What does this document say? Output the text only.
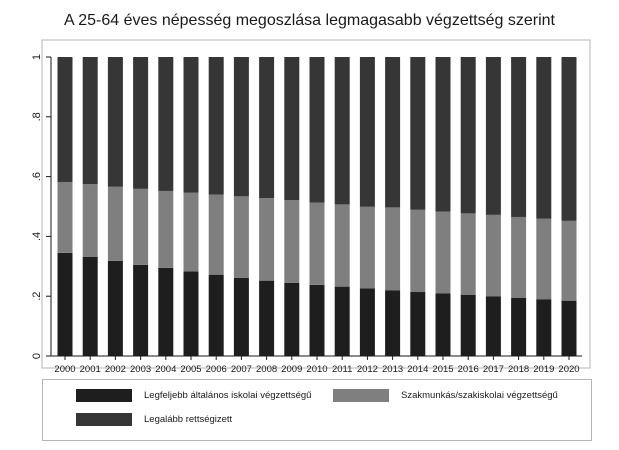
A 25-64 éves népesség megoszlása legmagasabb végzettség szerint
0
.2
.4
.6
.8
1
2000 2001 2002 2003 2004 2005 2006 2007 2008 2009 2010 2011 2012 2013 2014 2015 2016 2017 2018 2019 2020
Legfeljebb általános iskolai végzettségű	Szakmunkás/szakiskolai végzettségű
Legalább rettségizett
